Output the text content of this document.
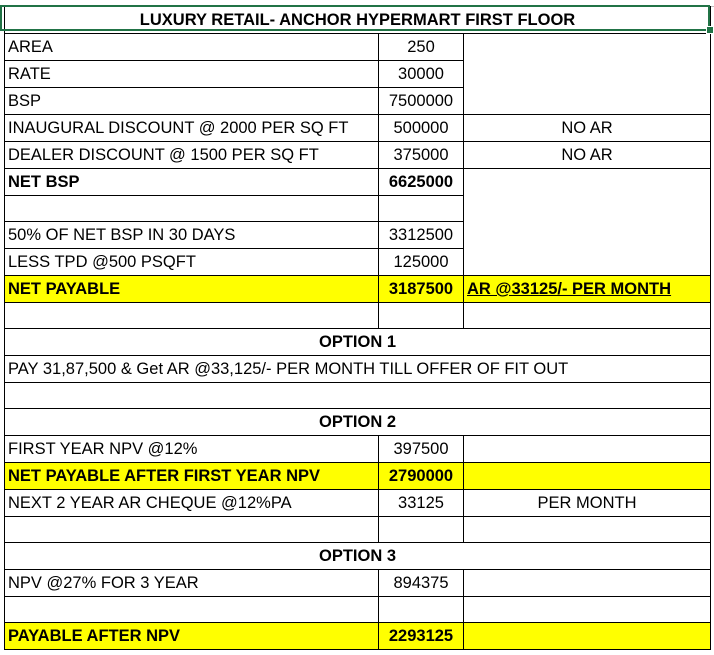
LUXURY RETAIL- ANCHOR HYPERMART FIRST FLOOR		
AREA	250	
RATE	30000	
BSP	7500000	
INAUGURAL DISCOUNT @ 2000 PER SQ FT	500000	NO AR
DEALER DISCOUNT @ 1500 PER SQ FT	375000	NO AR
NET BSP	6625000	

50% OF NET BSP IN 30 DAYS	3312500	
LESS TPD @500 PSQFT	125000	
NET PAYABLE	3187500	AR @33125/- PER MONTH

OPTION 1		
PAY 31,87,500 & Get AR @33,125/- PER MONTH TILL OFFER OF FIT OUT		

OPTION 2		
FIRST YEAR NPV @12%	397500	
NET PAYABLE AFTER FIRST YEAR NPV	2790000	
NEXT 2 YEAR AR CHEQUE @12%PA	33125	PER MONTH

OPTION 3		
NPV @27% FOR 3 YEAR	894375	

PAYABLE AFTER NPV	2293125	
